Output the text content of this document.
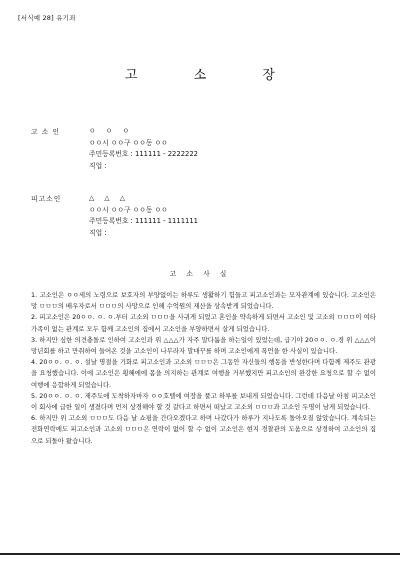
[서식예 28] 유기죄
고 소 장
고 소 인	ㅇ ㅇ ㅇ
ㅇㅇ시 ㅇㅇ구 ㅇㅇ동 ㅇㅇ
주민등록번호 : 111111 - 2222222
직업 :
피고소인	△ △ △
ㅇㅇ시 ㅇㅇ구 ㅇㅇ동 ㅇㅇ
주민등록번호 : 111111 - 1111111
직업 :
고 소 사 실

1. 고소인은 ㅇㅇ세의 노령으로 보호자의 부양없이는 하루도 생활하기 힘들고 피고소인과는 모자관계에 있습니다. 고소인은 망 ㅁㅁㅁ의 배우자로서 ㅁㅁㅁ의 사망으로 인해 수억원의 재산을 상속받게 되었습니다.

2. 피고소인은 20ㅇㅇ. ㅇ. ㅇ.부터 고소외 ㅁㅁㅁ을 사귀게 되었고 혼인을 약속하게 되면서 고소인 및 고소외 ㅁㅁㅁ이 여타 가족이 없는 관계로 모두 함께 고소인의 집에서 고소인을 부양하면서 살게 되었습니다.

3. 하지만 심한 의견충돌로 인하여 고소인과 위 △△△가 자주 말다툼을 하는일이 있었는데, 급기야 20ㅇㅇ. ㅇ.경 위 △△△이 망년회를 하고 만취하여 들어온 것을 고소인이 나무라자 말대꾸를 하며 고소인에게 폭언을 한 사실이 있습니다.

4. 20ㅇㅇ. ㅇ. ㅇ. 설날 명절을 기화로 피고소인과 고소외 ㅁㅁㅁ은 그동안 자신들의 행동을 반성한다며 다함께 제주도 관광을 요청했습니다. 이에 고소인은 횡혜에에 몸을 의지하는 관계로 여행을 거부했지만 피고소인의 완강한 요청으로 할 수 없이 여행에 응합하게 되었습니다.

5. 20ㅇㅇ. ㅇ. ㅇ. 제주도에 도착하자마자 ㅇㅇ호텔에 여장을 풀고 하루를 보내게 되었습니다. 그런데 다음날 아침 피고소인이 회사에 급한 일이 생겼다며 먼저 상경해야 할 것 같다고 하면서 떠났고 고소외 ㅁㅁㅁ과 고소인 두명이 남게 되었습니다.

6. 하지만 위 고소외 ㅁㅁㅁ도 다음 날 쇼핑을 간다오겠다고 하며 나갔다가 하루가 지나도록 돌아오질 않았습니다. 계속되는 전화연락에도 피고소인과 고소외 ㅁㅁㅁ은 연락이 없어 할 수 없이 고소인은 현지 경찰관의 도움으로 상경하여 고소인의 집으로 되돌아 왔습니다.
